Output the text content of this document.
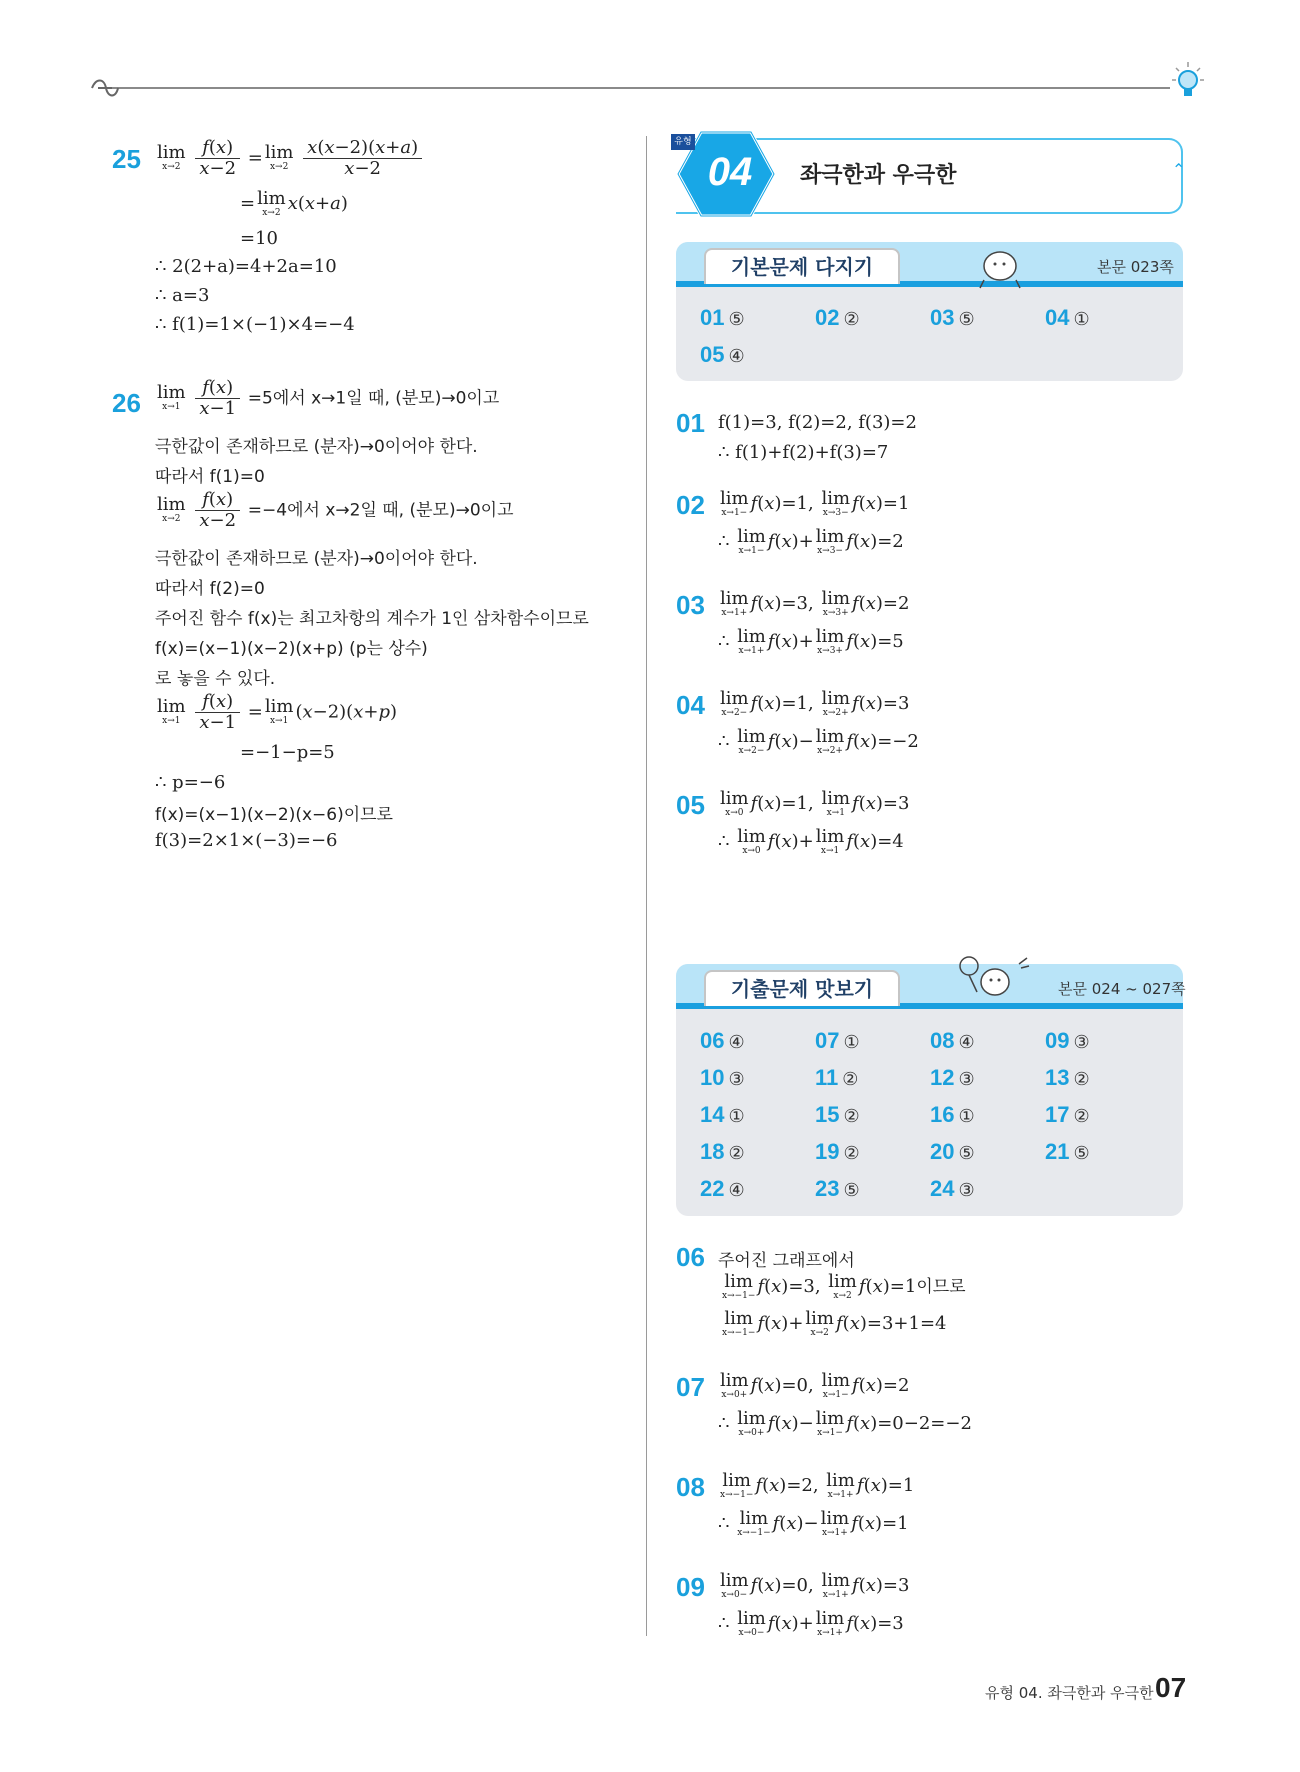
25 lim
x→2
$\frac{f(x)}{x-2} = \lim$
x→2
$\frac{x(x-2)(x+a)}{x-2}$
= lim
x→2 x(x+a)
=10
∴ 2(2+a)=4+2a=10
∴ a=3
∴ f(1)=1×(−1)×4=−4
26 lim
x→1
$\frac{f(x)}{x-1} =5$에서 x→1일 때, (분모)→0이고
극한값이 존재하므로 (분자)→0이어야 한다.
따라서 f(1)=0
lim
x→2
$\frac{f(x)}{x-2} =-4$에서 x→2일 때, (분모)→0이고
극한값이 존재하므로 (분자)→0이어야 한다.
따라서 f(2)=0
주어진 함수 f(x)는 최고차항의 계수가 1인 삼차함수이므로
f(x)=(x−1)(x−2)(x+p) (p는 상수)
로 놓을 수 있다.
lim
x→1
$\frac{f(x)}{x-1} = \lim$
x→1 (x−2)(x+p)
=−1−p=5
∴ p=−6
f(x)=(x−1)(x−2)(x−6)이므로
f(3)=2×1×(−3)=−6
04
유형
좌극한과 우극한	⌃
기본문제 다지기	본문 023쪽
01 ⑤	02 ②	03 ⑤	04 ①
05 ④
01 f(1)=3, f(2)=2, f(3)=2
∴ f(1)+f(2)+f(3)=7
02 lim
x→1− f(x)=1, lim
x→3− f(x)=1
∴ lim
x→1− f(x)+ lim
x→3− f(x)=2
03 lim
x→1+ f(x)=3, lim
x→3+ f(x)=2
∴ lim
x→1+ f(x)+ lim
x→3+ f(x)=5
04 lim
x→2− f(x)=1, lim
x→2+ f(x)=3
∴ lim
x→2− f(x)− lim
x→2+ f(x)=−2
05 lim
x→0 f(x)=1, lim
x→1 f(x)=3
∴ lim
x→0 f(x)+ lim
x→1 f(x)=4
기출문제 맛보기	본문 024 ~ 027쪽
06 ④	07 ①	08 ④	09 ③
10 ③	11 ②	12 ③	13 ②
14 ①	15 ②	16 ①	17 ②
18 ②	19 ②	20 ⑤	21 ⑤
22 ④	23 ⑤	24 ③
06 주어진 그래프에서
lim
x→−1− f(x)=3, lim
x→2 f(x)=1이므로
lim
x→−1− f(x)+ lim
x→2 f(x)=3+1=4
07 lim
x→0+ f(x)=0, lim
x→1− f(x)=2
∴ lim
x→0+ f(x)− lim
x→1− f(x)=0−2=−2
08 lim
x→−1− f(x)=2, lim
x→1+ f(x)=1
∴ lim
x→−1− f(x)− lim
x→1+ f(x)=1
09 lim
x→0− f(x)=0, lim
x→1+ f(x)=3
∴ lim
x→0− f(x)+ lim
x→1+ f(x)=3
유형 04. 좌극한과 우극한 07
